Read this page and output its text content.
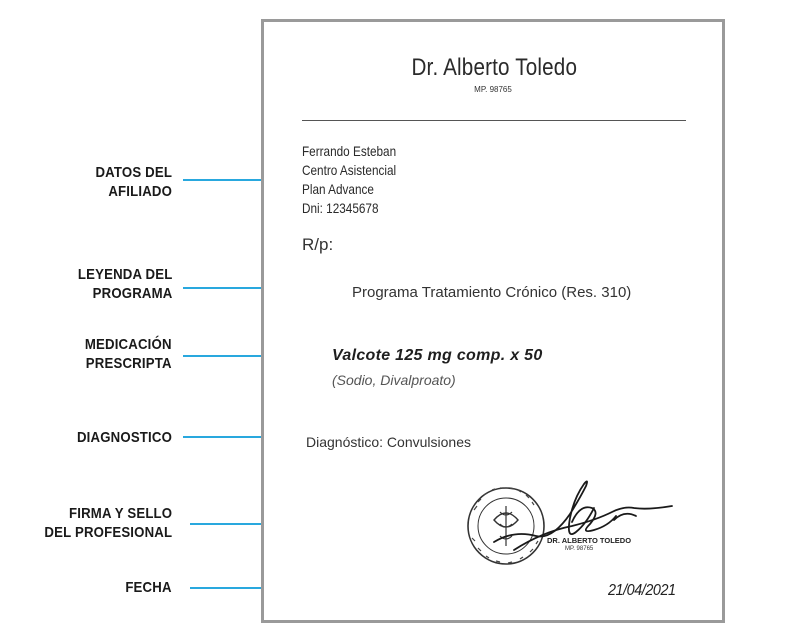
DATOS DEL
AFILIADO
LEYENDA DEL
PROGRAMA
MEDICACIÓN
PRESCRIPTA
DIAGNOSTICO
FIRMA Y SELLO
DEL PROFESIONAL
FECHA
Dr. Alberto Toledo
MP. 98765
Ferrando Esteban
Centro Asistencial
Plan Advance
Dni: 12345678
R/p:
Programa Tratamiento Crónico (Res. 310)
Valcote 125 mg comp. x 50
(Sodio, Divalproato)
Diagnóstico: Convulsiones
DR. ALBERTO TOLEDO
MP. 98765
21/04/2021
